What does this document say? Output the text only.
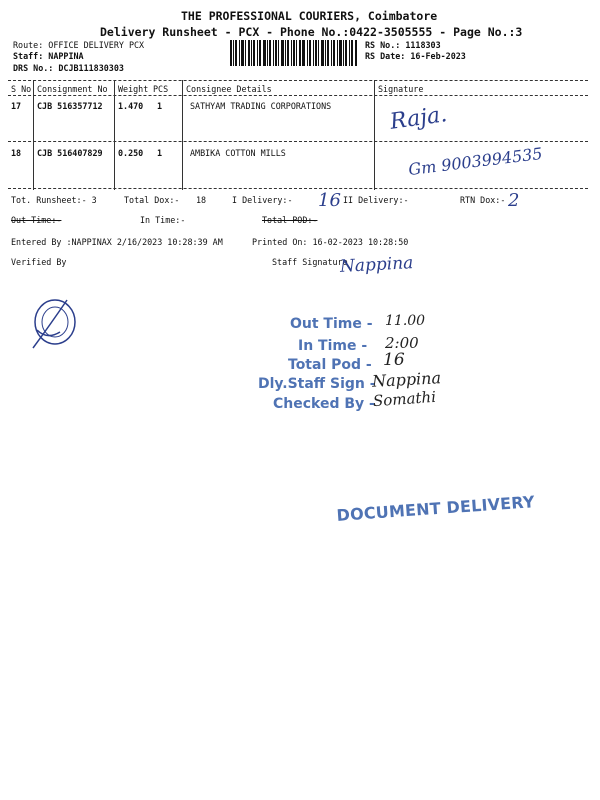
THE PROFESSIONAL COURIERS, Coimbatore
Delivery Runsheet - PCX - Phone No.:0422-3505555 - Page No.:3
Route: OFFICE DELIVERY PCX
Staff: NAPPINA
DRS No.: DCJB111830303
RS No.: 1118303
RS Date: 16-Feb-2023
S No Consignment No Weight PCS Consignee Details	Signature
17 CJB 516357712 1.470 1	SATHYAM TRADING CORPORATIONS	Raja.
18 CJB 516407829 0.250 1	AMBIKA COTTON MILLS	Gm 9003994535
Tot. Runsheet:- 3	Total Dox:- 18	I Delivery:- 16 II Delivery:-	RTN Dox:- 2
Out Time:-	In Time:-	Total POD:-
Entered By :NAPPINAX 2/16/2023 10:28:39 AM	Printed On: 16-02-2023 10:28:50
Verified By	Staff Signature
Nappina
Out Time - 11.00
In Time - 2:00
Total Pod - 16
Dly.Staff Sign -
Nappina
Checked By -
Somathi
DOCUMENT DELIVERY
